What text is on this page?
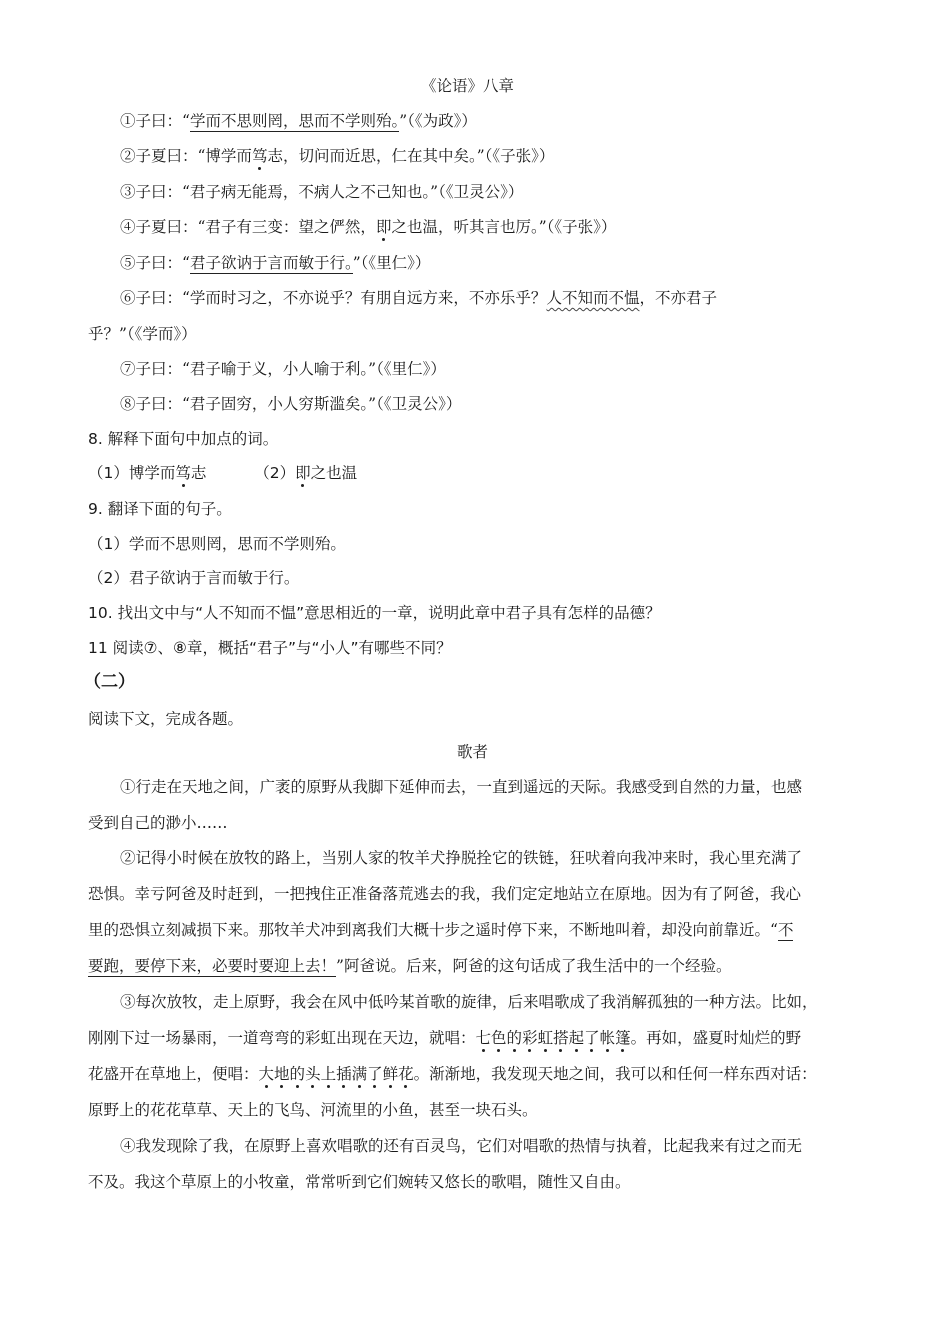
《论语》八章
①子曰：“学而不思则罔，思而不学则殆。”（《为政》）
②子夏曰：“博学而笃志，切问而近思，仁在其中矣。”（《子张》）
③子曰：“君子病无能焉，不病人之不己知也。”（《卫灵公》）
④子夏曰：“君子有三变：望之俨然，即之也温，听其言也厉。”（《子张》）
⑤子曰：“君子欲讷于言而敏于行。”（《里仁》）
⑥子曰：“学而时习之，不亦说乎？有朋自远方来，不亦乐乎？人不知而不愠，不亦君子
乎？”（《学而》）
⑦子曰：“君子喻于义，小人喻于利。”（《里仁》）
⑧子曰：“君子固穷，小人穷斯滥矣。”（《卫灵公》）
8. 解释下面句中加点的词。
（1）博学而笃志	（2）即之也温
9. 翻译下面的句子。
（1）学而不思则罔，思而不学则殆。
（2）君子欲讷于言而敏于行。
10. 找出文中与“人不知而不愠”意思相近的一章，说明此章中君子具有怎样的品德？
11 阅读⑦、⑧章，概括“君子”与“小人”有哪些不同？
（二）
阅读下文，完成各题。
歌者
①行走在天地之间，广袤的原野从我脚下延伸而去，一直到遥远的天际。我感受到自然的力量，也感
受到自己的渺小……
②记得小时候在放牧的路上，当别人家的牧羊犬挣脱拴它的铁链，狂吠着向我冲来时，我心里充满了
恐惧。幸亏阿爸及时赶到，一把拽住正准备落荒逃去的我，我们定定地站立在原地。因为有了阿爸，我心
里的恐惧立刻减损下来。那牧羊犬冲到离我们大概十步之遥时停下来，不断地叫着，却没向前靠近。“不
要跑，要停下来，必要时要迎上去！”阿爸说。后来，阿爸的这句话成了我生活中的一个经验。
③每次放牧，走上原野，我会在风中低吟某首歌的旋律，后来唱歌成了我消解孤独的一种方法。比如，
刚刚下过一场暴雨，一道弯弯的彩虹出现在天边，就唱：七色的彩虹搭起了帐篷。再如，盛夏时灿烂的野
花盛开在草地上，便唱：大地的头上插满了鲜花。渐渐地，我发现天地之间，我可以和任何一样东西对话：
原野上的花花草草、天上的飞鸟、河流里的小鱼，甚至一块石头。
④我发现除了我，在原野上喜欢唱歌的还有百灵鸟，它们对唱歌的热情与执着，比起我来有过之而无
不及。我这个草原上的小牧童，常常听到它们婉转又悠长的歌唱，随性又自由。
